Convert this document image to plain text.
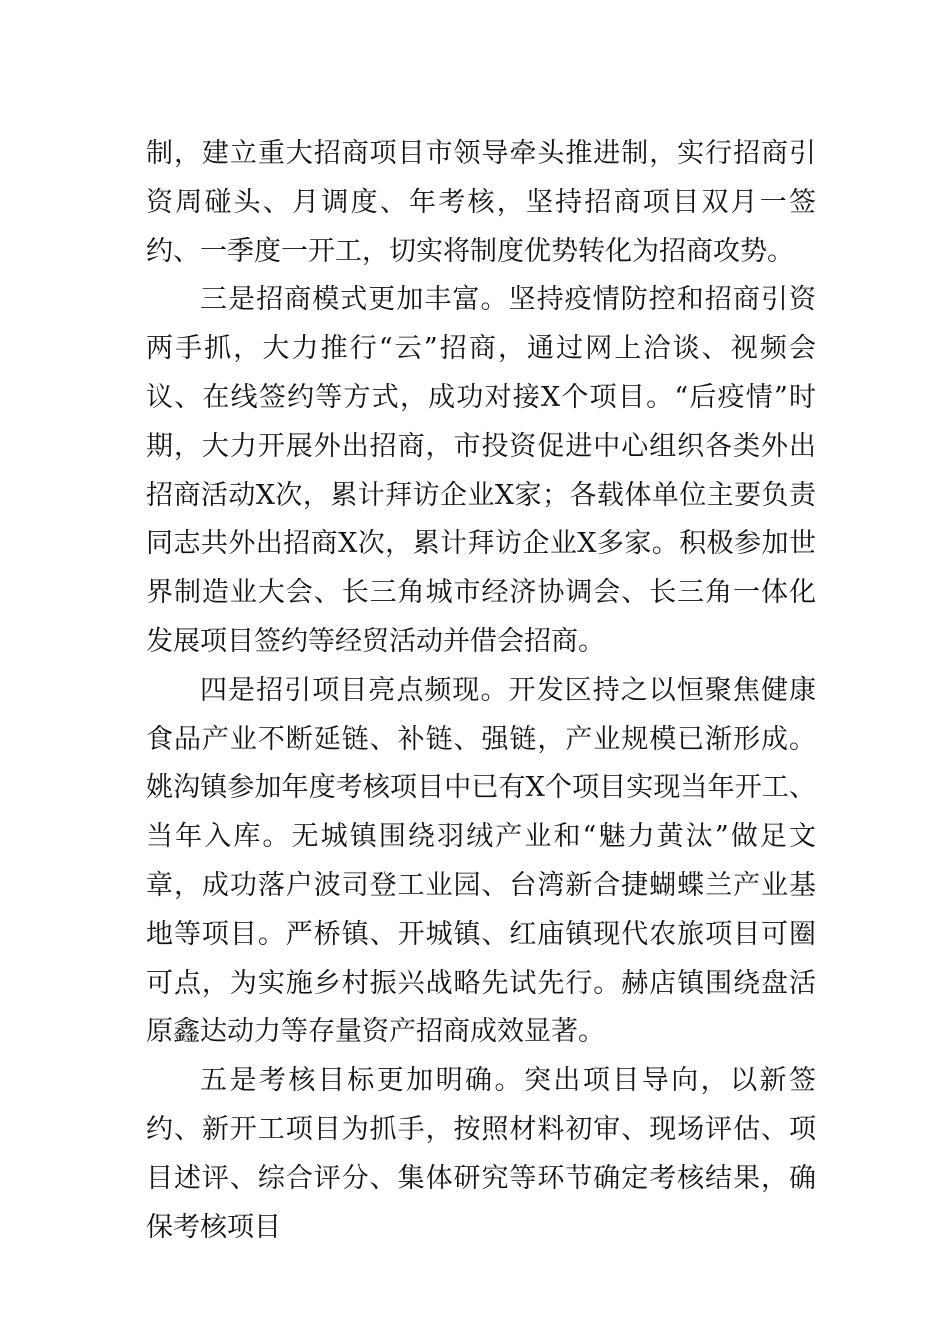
制，建立重大招商项目市领导牵头推进制，实行招商引资周碰头、月调度、年考核，坚持招商项目双月一签约、一季度一开工，切实将制度优势转化为招商攻势。

三是招商模式更加丰富。坚持疫情防控和招商引资两手抓，大力推行“云”招商，通过网上洽谈、视频会议、在线签约等方式，成功对接X个项目。“后疫情”时期，大力开展外出招商，市投资促进中心组织各类外出招商活动X次，累计拜访企业X家；各载体单位主要负责同志共外出招商X次，累计拜访企业X多家。积极参加世界制造业大会、长三角城市经济协调会、长三角一体化发展项目签约等经贸活动并借会招商。

四是招引项目亮点频现。开发区持之以恒聚焦健康食品产业不断延链、补链、强链，产业规模已渐形成。姚沟镇参加年度考核项目中已有X个项目实现当年开工、当年入库。无城镇围绕羽绒产业和“魅力黄汰”做足文章，成功落户波司登工业园、台湾新合捷蝴蝶兰产业基地等项目。严桥镇、开城镇、红庙镇现代农旅项目可圈可点，为实施乡村振兴战略先试先行。赫店镇围绕盘活原鑫达动力等存量资产招商成效显著。

五是考核目标更加明确。突出项目导向，以新签约、新开工项目为抓手，按照材料初审、现场评估、项目述评、综合评分、集体研究等环节确定考核结果，确保考核项目
